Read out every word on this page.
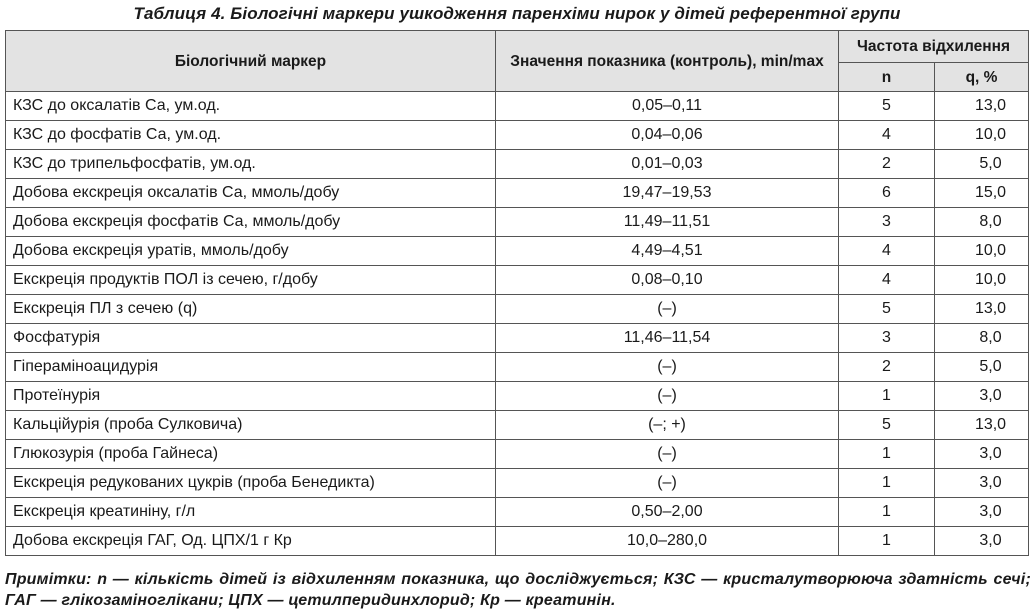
Таблиця 4. Біологічні маркери ушкодження паренхіми нирок у дітей референтної групи
Біологічний маркер	Значення показника (контроль), min/max	Частота відхилення	
		n	q, %
КЗС до оксалатів Са, ум.од.	0,05–0,11	5	13,0
КЗС до фосфатів Са, ум.од.	0,04–0,06	4	10,0
КЗС до трипельфосфатів, ум.од.	0,01–0,03	2	5,0
Добова екскреція оксалатів Са, ммоль/добу	19,47–19,53	6	15,0
Добова екскреція фосфатів Са, ммоль/добу	11,49–11,51	3	8,0
Добова екскреція уратів, ммоль/добу	4,49–4,51	4	10,0
Екскреція продуктів ПОЛ із сечею, г/добу	0,08–0,10	4	10,0
Екскреція ПЛ з сечею (q)	(–)	5	13,0
Фосфатурія	11,46–11,54	3	8,0
Гіпераміноацидурія	(–)	2	5,0
Протеїнурія	(–)	1	3,0
Кальційурія (проба Сулковича)	(–; +)	5	13,0
Глюкозурія (проба Гайнеса)	(–)	1	3,0
Екскреція редукованих цукрів (проба Бенедикта)	(–)	1	3,0
Екскреція креатиніну, г/л	0,50–2,00	1	3,0
Добова екскреція ГАГ, Од. ЦПХ/1 г Кр	10,0–280,0	1	3,0
Примітки: n — кількість дітей із відхиленням показника, що досліджується; КЗС — кристалутворююча здатність сечі; ГАГ — глікозаміноглікани; ЦПХ — цетилперидинхлорид; Кр — креатинін.
